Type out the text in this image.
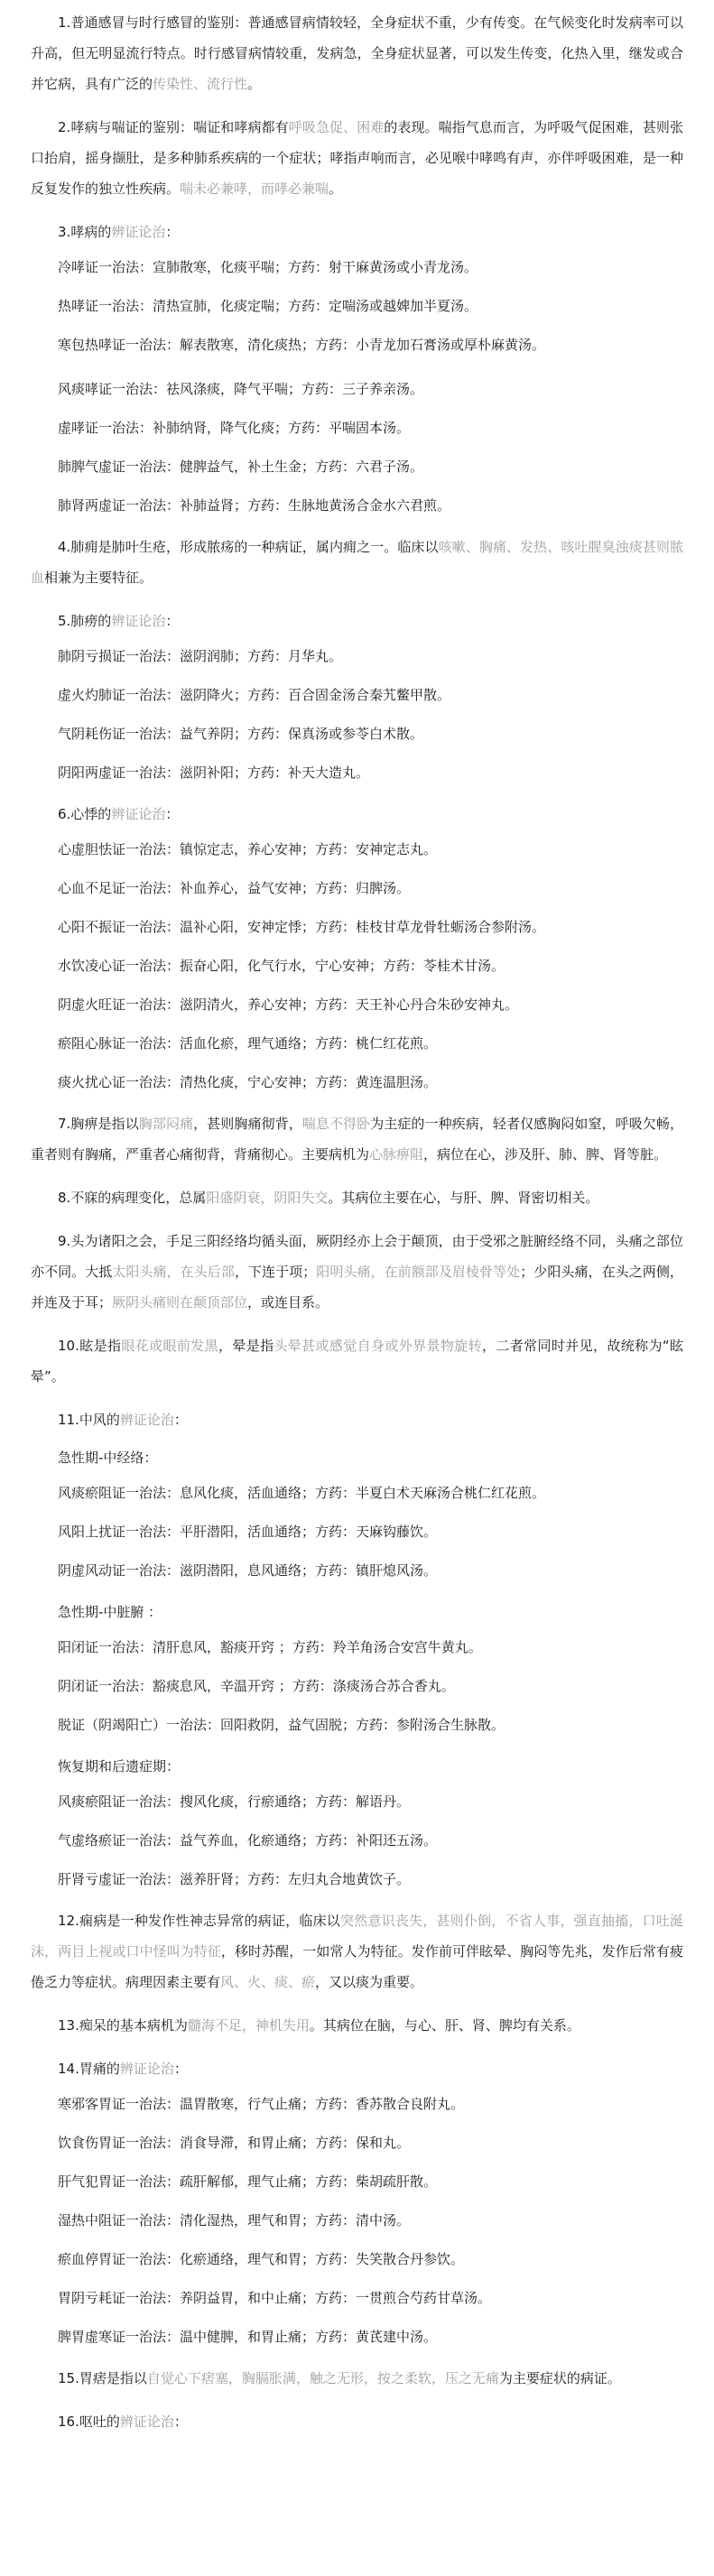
1.普通感冒与时行感冒的鉴别：普通感冒病情较轻，全身症状不重，少有传变。在气候变化时发病率可以升高，但无明显流行特点。时行感冒病情较重，发病急，全身症状显著，可以发生传变，化热入里，继发或合并它病，具有广泛的传染性、流行性。

2.哮病与喘证的鉴别：喘证和哮病都有呼吸急促、困难的表现。喘指气息而言，为呼吸气促困难，甚则张口抬肩，摇身撷肚，是多种肺系疾病的一个症状；哮指声响而言，必见喉中哮鸣有声，亦伴呼吸困难，是一种反复发作的独立性疾病。喘未必兼哮，而哮必兼喘。

3.哮病的辨证论治：

冷哮证一治法：宣肺散寒，化痰平喘；方药：射干麻黄汤或小青龙汤。

热哮证一治法：清热宣肺，化痰定喘；方药：定喘汤或越婢加半夏汤。

寒包热哮证一治法：解表散寒，清化痰热；方药：小青龙加石膏汤或厚朴麻黄汤。

风痰哮证一治法：祛风涤痰，降气平喘；方药：三子养亲汤。

虚哮证一治法：补肺纳肾，降气化痰；方药：平喘固本汤。

肺脾气虚证一治法：健脾益气，补土生金；方药：六君子汤。

肺肾两虚证一治法：补肺益肾；方药：生脉地黄汤合金水六君煎。

4.肺痈是肺叶生疮，形成脓疡的一种病证，属内痈之一。临床以咳嗽、胸痛、发热、咳吐腥臭浊痰甚则脓血相兼为主要特征。

5.肺痨的辨证论治：

肺阴亏损证一治法：滋阴润肺；方药：月华丸。

虚火灼肺证一治法：滋阴降火；方药：百合固金汤合秦艽鳖甲散。

气阴耗伤证一治法：益气养阴；方药：保真汤或参苓白术散。

阴阳两虚证一治法：滋阴补阳；方药：补天大造丸。

6.心悸的辨证论治：

心虚胆怯证一治法：镇惊定志，养心安神；方药：安神定志丸。

心血不足证一治法：补血养心，益气安神；方药：归脾汤。

心阳不振证一治法：温补心阳，安神定悸；方药：桂枝甘草龙骨牡蛎汤合参附汤。

水饮凌心证一治法：振奋心阳，化气行水，宁心安神；方药：苓桂术甘汤。

阴虚火旺证一治法：滋阴清火，养心安神；方药：天王补心丹合朱砂安神丸。

瘀阻心脉证一治法：活血化瘀，理气通络；方药：桃仁红花煎。

痰火扰心证一治法：清热化痰，宁心安神；方药：黄连温胆汤。

7.胸痹是指以胸部闷痛，甚则胸痛彻背，喘息不得卧为主症的一种疾病，轻者仅感胸闷如窒，呼吸欠畅，重者则有胸痛，严重者心痛彻背，背痛彻心。主要病机为心脉痹阻，病位在心，涉及肝、肺、脾、肾等脏。

8.不寐的病理变化，总属阳盛阴衰，阴阳失交。其病位主要在心，与肝、脾、肾密切相关。

9.头为诸阳之会，手足三阳经络均循头面，厥阴经亦上会于颠顶，由于受邪之脏腑经络不同，头痛之部位亦不同。大抵太阳头痛，在头后部，下连于项；阳明头痛，在前额部及眉棱骨等处；少阳头痛，在头之两侧，并连及于耳；厥阴头痛则在颠顶部位，或连目系。

10.眩是指眼花或眼前发黑，晕是指头晕甚或感觉自身或外界景物旋转，二者常同时并见，故统称为“眩晕”。

11.中风的辨证论治：

急性期-中经络：

风痰瘀阻证一治法：息风化痰，活血通络；方药：半夏白术天麻汤合桃仁红花煎。

风阳上扰证一治法：平肝潜阳，活血通络；方药：天麻钩藤饮。

阴虚风动证一治法：滋阴潜阳，息风通络；方药：镇肝熄风汤。

急性期-中脏腑 ：

阳闭证一治法：清肝息风，豁痰开窍 ；方药：羚羊角汤合安宫牛黄丸。

阴闭证一治法：豁痰息风，辛温开窍 ；方药：涤痰汤合苏合香丸。

脱证（阴竭阳亡）一治法：回阳救阴，益气固脱；方药：参附汤合生脉散。

恢复期和后遗症期：

风痰瘀阻证一治法：搜风化痰，行瘀通络；方药：解语丹。

气虚络瘀证一治法：益气养血，化瘀通络；方药：补阳还五汤。

肝肾亏虚证一治法：滋养肝肾；方药：左归丸合地黄饮子。

12.痫病是一种发作性神志异常的病证，临床以突然意识丧失，甚则仆倒，不省人事，强直抽搐，口吐涎沫，两目上视或口中怪叫为特征，移时苏醒，一如常人为特征。发作前可伴眩晕、胸闷等先兆，发作后常有疲倦乏力等症状。病理因素主要有风、火、痰、瘀，又以痰为重要。

13.痴呆的基本病机为髓海不足，神机失用。其病位在脑，与心、肝、肾、脾均有关系。

14.胃痛的辨证论治：

寒邪客胃证一治法：温胃散寒，行气止痛；方药：香苏散合良附丸。

饮食伤胃证一治法：消食导滞，和胃止痛；方药：保和丸。

肝气犯胃证一治法：疏肝解郁，理气止痛；方药：柴胡疏肝散。

湿热中阻证一治法：清化湿热，理气和胃；方药：清中汤。

瘀血停胃证一治法：化瘀通络，理气和胃；方药：失笑散合丹参饮。

胃阴亏耗证一治法：养阴益胃，和中止痛；方药：一贯煎合芍药甘草汤。

脾胃虚寒证一治法：温中健脾，和胃止痛；方药：黄芪建中汤。

15.胃痞是指以自觉心下痞塞，胸膈胀满，触之无形，按之柔软，压之无痛为主要症状的病证。

16.呕吐的辨证论治：
